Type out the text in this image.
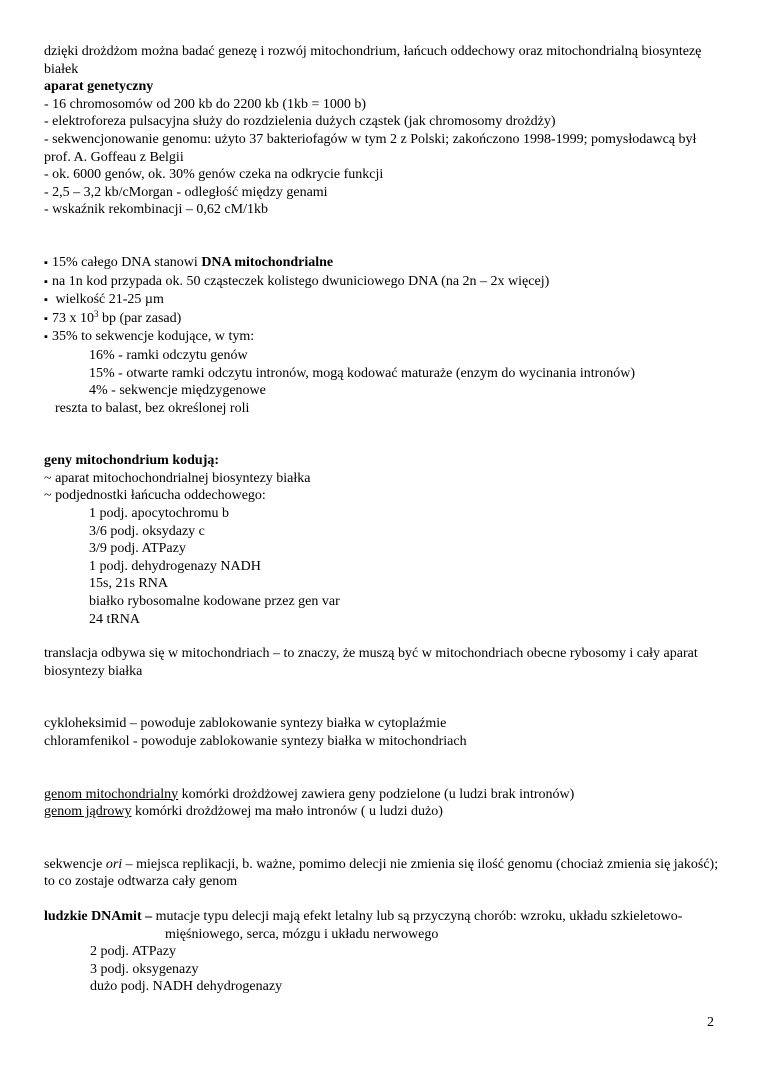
dzięki drożdżom można badać genezę i rozwój mitochondrium, łańcuch oddechowy oraz mitochondrialną biosyntezę białek

aparat genetyczny

- 16 chromosomów od 200 kb do 2200 kb (1kb = 1000 b)

- elektroforeza pulsacyjna służy do rozdzielenia dużych cząstek (jak chromosomy drożdży)

- sekwencjonowanie genomu: użyto 37 bakteriofagów w tym 2 z Polski; zakończono 1998-1999; pomysłodawcą był prof. A. Goffeau z Belgii

- ok. 6000 genów, ok. 30% genów czeka na odkrycie funkcji

- 2,5 – 3,2 kb/cMorgan - odległość między genami

- wskaźnik rekombinacji – 0,62 cM/1kb

▪ 15% całego DNA stanowi DNA mitochondrialne

▪ na 1n kod przypada ok. 50 cząsteczek kolistego dwuniciowego DNA (na 2n – 2x więcej)

▪ wielkość 21-25 µm

▪ 73 x $10^3$ bp (par zasad)

▪ 35% to sekwencje kodujące, w tym:

16% - ramki odczytu genów

15% - otwarte ramki odczytu intronów, mogą kodować maturaże (enzym do wycinania intronów)

4% - sekwencje międzygenowe

reszta to balast, bez określonej roli

geny mitochondrium kodują:

~ aparat mitochochondrialnej biosyntezy białka

~ podjednostki łańcucha oddechowego:

1 podj. apocytochromu b

3/6 podj. oksydazy c

3/9 podj. ATPazy

1 podj. dehydrogenazy NADH

15s, 21s RNA

białko rybosomalne kodowane przez gen var

24 tRNA

translacja odbywa się w mitochondriach – to znaczy, że muszą być w mitochondriach obecne rybosomy i cały aparat biosyntezy białka

cykloheksimid – powoduje zablokowanie syntezy białka w cytoplaźmie

chloramfenikol - powoduje zablokowanie syntezy białka w mitochondriach

genom mitochondrialny komórki drożdżowej zawiera geny podzielone (u ludzi brak intronów)

genom jądrowy komórki drożdżowej ma mało intronów ( u ludzi dużo)

sekwencje ori – miejsca replikacji, b. ważne, pomimo delecji nie zmienia się ilość genomu (chociaż zmienia się jakość); to co zostaje odtwarza cały genom

ludzkie DNAmit – mutacje typu delecji mają efekt letalny lub są przyczyną chorób: wzroku, układu szkieletowo-mięśniowego, serca, mózgu i układu nerwowego

2 podj. ATPazy

3 podj. oksygenazy

dużo podj. NADH dehydrogenazy

2
